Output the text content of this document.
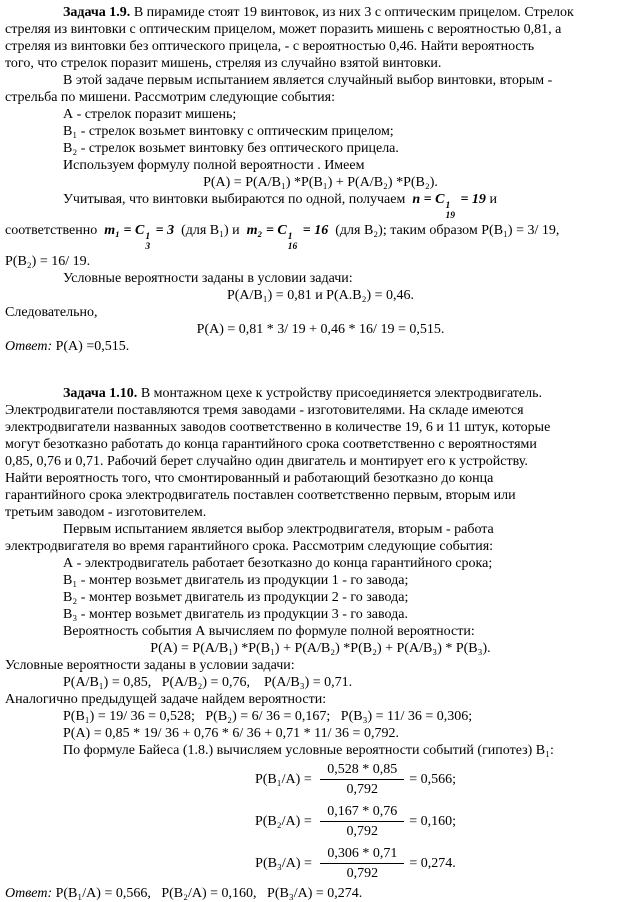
Задача 1.9. В пирамиде стоят 19 винтовок, из них 3 с оптическим прицелом. Стрелок
стреляя из винтовки с оптическим прицелом, может поразить мишень с вероятностью 0,81, а
стреляя из винтовки без оптического прицела, - с вероятностью 0,46. Найти вероятность
того, что стрелок поразит мишень, стреляя из случайно взятой винтовки.
В этой задаче первым испытанием является случайный выбор винтовки, вторым -
стрельба по мишени. Рассмотрим следующие события:
А - стрелок поразит мишень;
B₁ - стрелок возьмет винтовку с оптическим прицелом;
B₂ - стрелок возьмет винтовку без оптического прицела.
Используем формулу полной вероятности . Имеем
P(A) = P(A/B₁) *P(B₁) + P(A/B₂) *P(B₂).
Учитывая, что винтовки выбираются по одной, получаем  n = C 1
19
= 19 и
соответственно  m₁ = C 1
3
= 3  (для B₁) и  m₂ = C 1
16
= 16  (для B₂); таким образом P(B₁) = 3/ 19,
P(B₂) = 16/ 19.
Условные вероятности заданы в условии задачи:
P(A/B₁) = 0,81 и P(A.B₂) = 0,46.
Следовательно,
P(A) = 0,81 * 3/ 19 + 0,46 * 16/ 19 = 0,515.
Ответ: P(A) =0,515.
Задача 1.10. В монтажном цехе к устройству присоединяется электродвигатель.
Электродвигатели поставляются тремя заводами - изготовителями. На складе имеются
электродвигатели названных заводов соответственно в количестве 19, 6 и 11 штук, которые
могут безотказно работать до конца гарантийного срока соответственно с вероятностями
0,85, 0,76 и 0,71. Рабочий берет случайно один двигатель и монтирует его к устройству.
Найти вероятность того, что смонтированный и работающий безотказно до конца
гарантийного срока электродвигатель поставлен соответственно первым, вторым или
третьим заводом - изготовителем.
Первым испытанием является выбор электродвигателя, вторым - работа
электродвигателя во время гарантийного срока. Рассмотрим следующие события:
А - электродвигатель работает безотказно до конца гарантийного срока;
B₁ - монтер возьмет двигатель из продукции 1 - го завода;
B₂ - монтер возьмет двигатель из продукции 2 - го завода;
B₃ - монтер возьмет двигатель из продукции 3 - го завода.
Вероятность события А вычисляем по формуле полной вероятности:
P(A) = P(A/B₁) *P(B₁) + P(A/B₂) *P(B₂) + P(A/B₃) * P(B₃).
Условные вероятности заданы в условии задачи:
P(A/B₁) = 0,85,   P(A/B₂) = 0,76,    P(A/B₃) = 0,71.
Аналогично предыдущей задаче найдем вероятности:
P(B₁) = 19/ 36 = 0,528;   P(B₂) = 6/ 36 = 0,167;   P(B₃) = 11/ 36 = 0,306;
P(A) = 0,85 * 19/ 36 + 0,76 * 6/ 36 + 0,71 * 11/ 36 = 0,792.
По формуле Байеса (1.8.) вычисляем условные вероятности событий (гипотез) B₁:
$P(B_1/A) = \frac{0,528 * 0,85}{0,792} = 0,566$;
$P(B_2/A) = \frac{0,167 * 0,76}{0,792} = 0,160$;
$P(B_3/A) = \frac{0,306 * 0,71}{0,792} = 0,274$.
Ответ: P(B₁/A) = 0,566,   P(B₂/A) = 0,160,   P(B₃/A) = 0,274.
